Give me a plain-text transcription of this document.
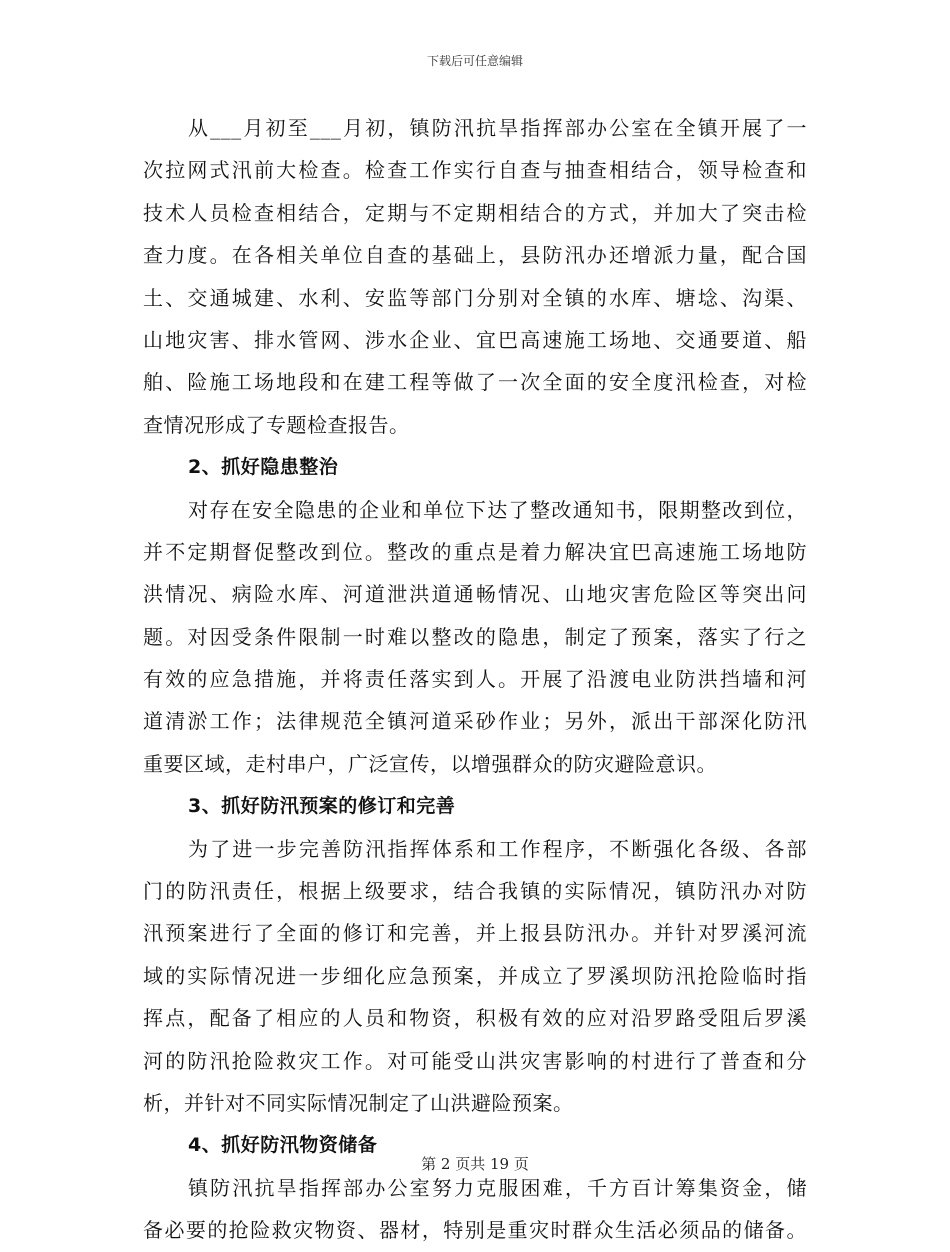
下载后可任意编辑
从___月初至___月初，镇防汛抗旱指挥部办公室在全镇开展了一
次拉网式汛前大检查。检查工作实行自查与抽查相结合，领导检查和
技术人员检查相结合，定期与不定期相结合的方式，并加大了突击检
查力度。在各相关单位自查的基础上，县防汛办还增派力量，配合国
土、交通城建、水利、安监等部门分别对全镇的水库、塘埝、沟渠、
山地灾害、排水管网、涉水企业、宜巴高速施工场地、交通要道、船
舶、险施工场地段和在建工程等做了一次全面的安全度汛检查，对检
查情况形成了专题检查报告。
2、抓好隐患整治
对存在安全隐患的企业和单位下达了整改通知书，限期整改到位，
并不定期督促整改到位。整改的重点是着力解决宜巴高速施工场地防
洪情况、病险水库、河道泄洪道通畅情况、山地灾害危险区等突出问
题。对因受条件限制一时难以整改的隐患，制定了预案，落实了行之
有效的应急措施，并将责任落实到人。开展了沿渡电业防洪挡墙和河
道清淤工作；法律规范全镇河道采砂作业；另外，派出干部深化防汛
重要区域，走村串户，广泛宣传，以增强群众的防灾避险意识。
3、抓好防汛预案的修订和完善
为了进一步完善防汛指挥体系和工作程序，不断强化各级、各部
门的防汛责任，根据上级要求，结合我镇的实际情况，镇防汛办对防
汛预案进行了全面的修订和完善，并上报县防汛办。并针对罗溪河流
域的实际情况进一步细化应急预案，并成立了罗溪坝防汛抢险临时指
挥点，配备了相应的人员和物资，积极有效的应对沿罗路受阻后罗溪
河的防汛抢险救灾工作。对可能受山洪灾害影响的村进行了普查和分
析，并针对不同实际情况制定了山洪避险预案。
4、抓好防汛物资储备
镇防汛抗旱指挥部办公室努力克服困难，千方百计筹集资金，储
备必要的抢险救灾物资、器材，特别是重灾时群众生活必须品的储备。
第 2 页共 19 页
